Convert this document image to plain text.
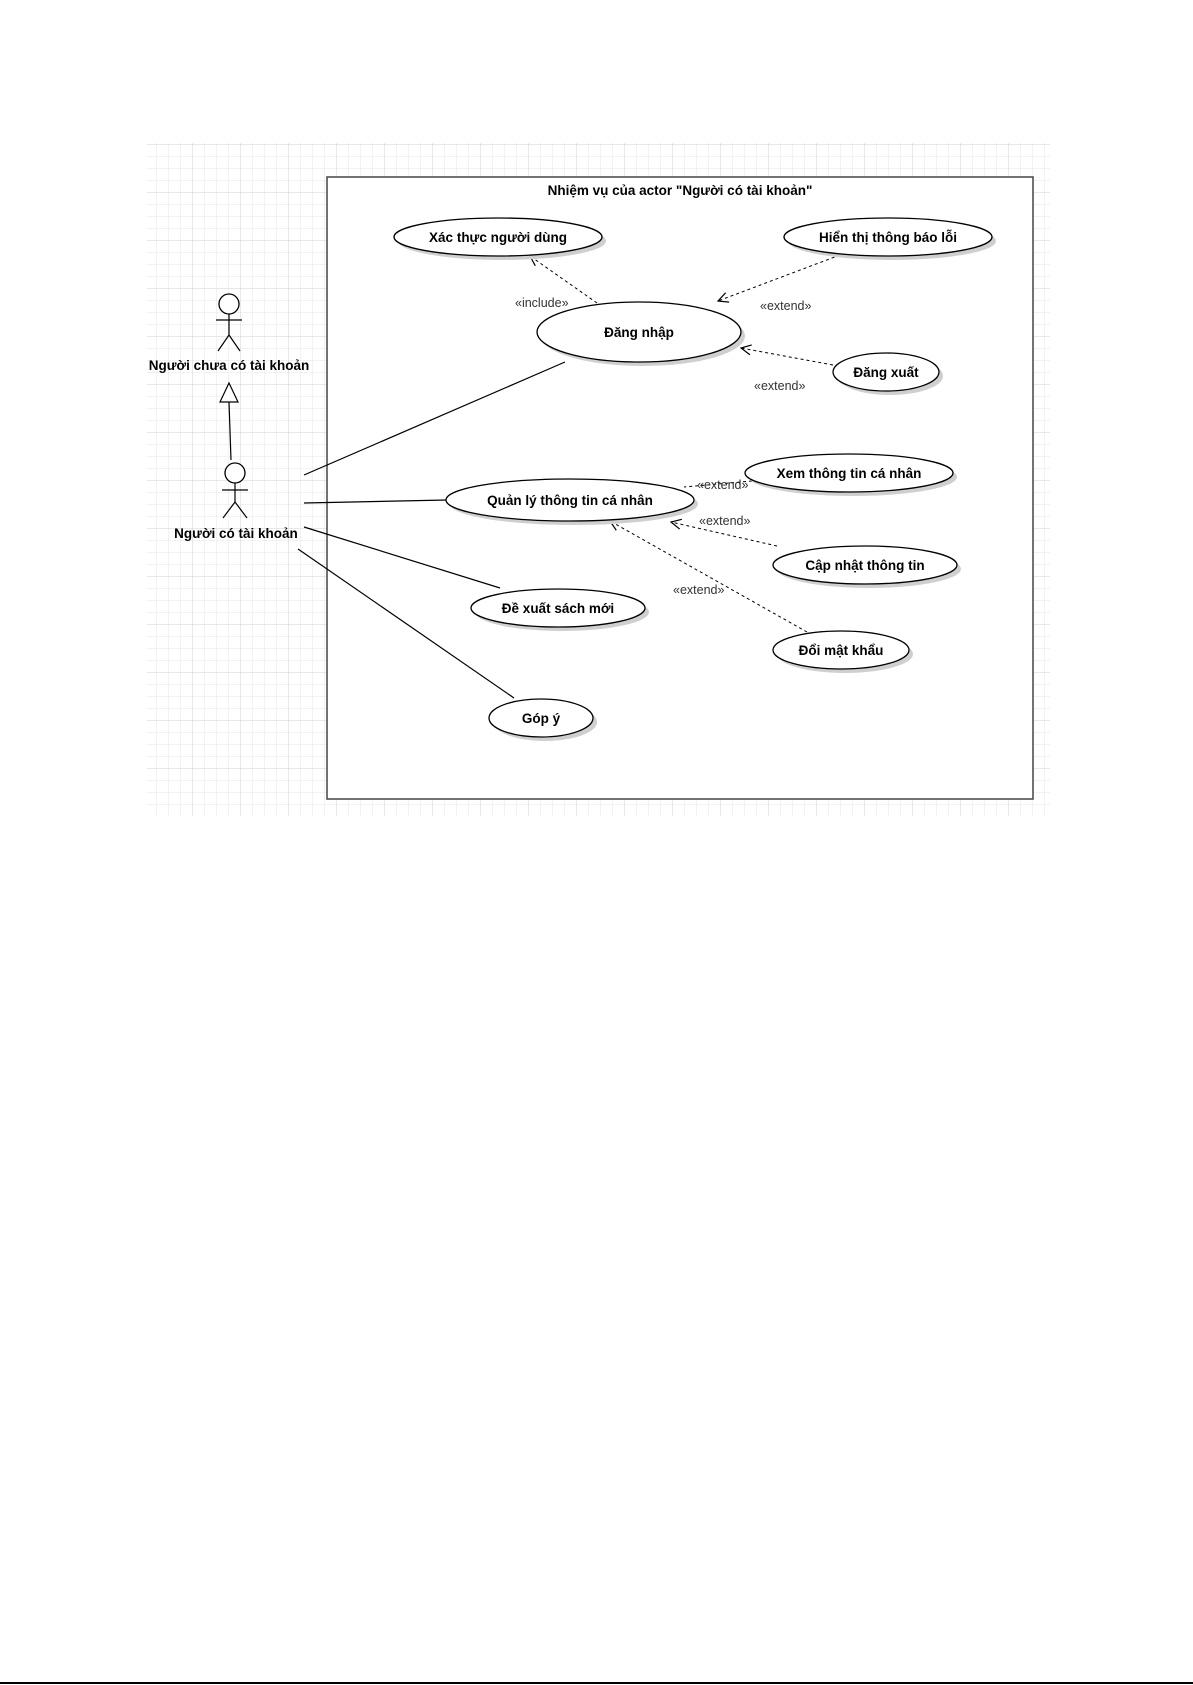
Nhiệm vụ của actor "Người có tài khoản"
Người chưa có tài khoản
Người có tài khoản
«include»	«extend»
«extend»
«extend»
«extend»
«extend»
Xác thực người dùng	Hiển thị thông báo lỗi
Đăng nhập
Đăng xuất
Xem thông tin cá nhân
Quản lý thông tin cá nhân
Cập nhật thông tin
Đề xuất sách mới
Đổi mật khẩu
Góp ý
